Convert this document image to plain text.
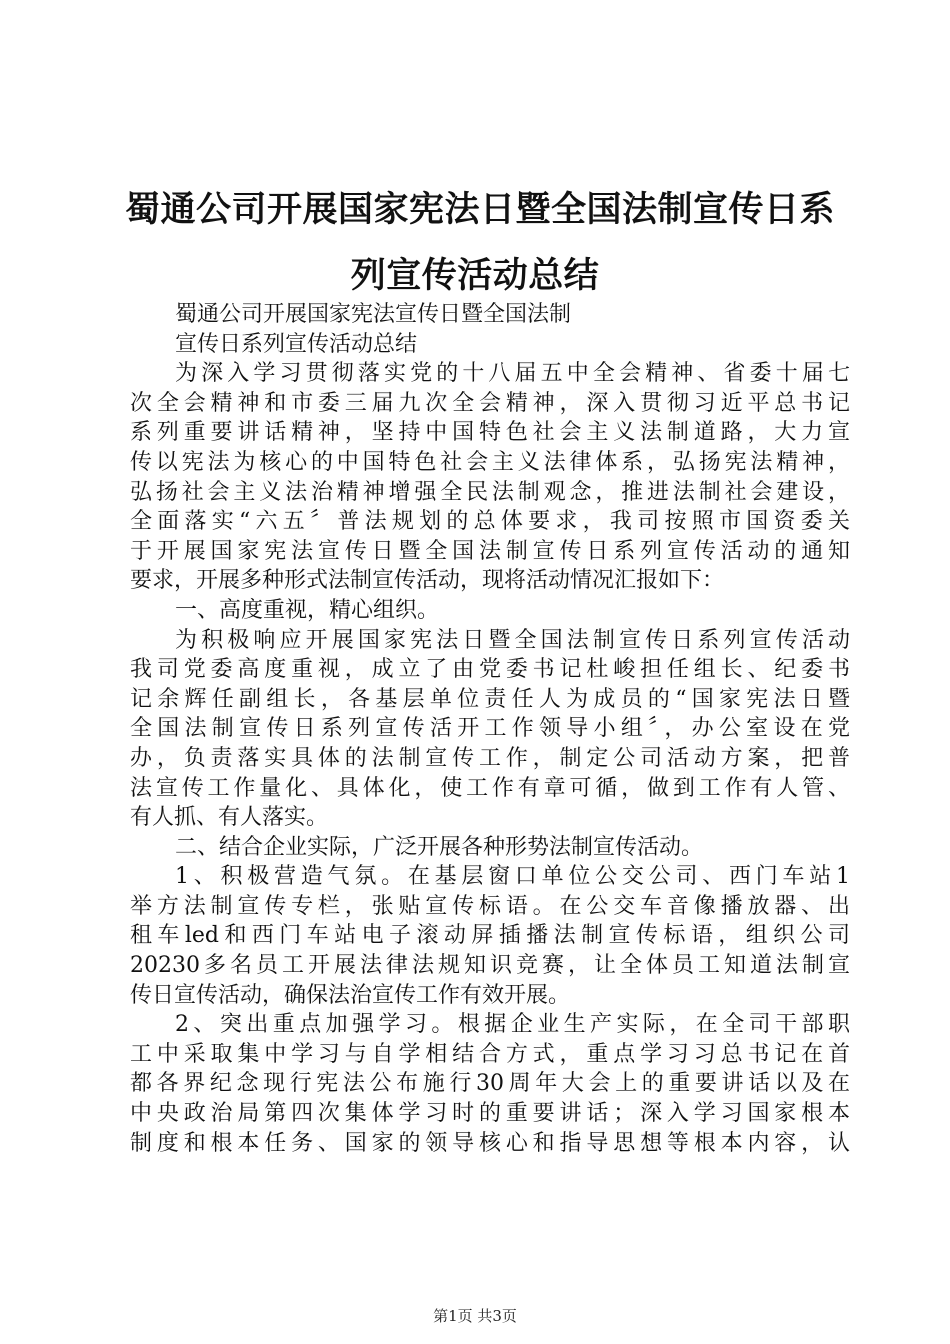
蜀通公司开展国家宪法日暨全国法制宣传日系
列宣传活动总结
蜀通公司开展国家宪法宣传日暨全国法制
宣传日系列宣传活动总结
为深入学习贯彻落实党的十八届五中全会精神、省委十届七
次全会精神和市委三届九次全会精神，深入贯彻习近平总书记
系列重要讲话精神，坚持中国特色社会主义法制道路，大力宣
传以宪法为核心的中国特色社会主义法律体系，弘扬宪法精神，
弘扬社会主义法治精神增强全民法制观念，推进法制社会建设，
全面落实“六五〞普法规划的总体要求，我司按照市国资委关
于开展国家宪法宣传日暨全国法制宣传日系列宣传活动的通知
要求，开展多种形式法制宣传活动，现将活动情况汇报如下：
一、高度重视，精心组织。
为积极响应开展国家宪法日暨全国法制宣传日系列宣传活动
我司党委高度重视，成立了由党委书记杜峻担任组长、纪委书
记余辉任副组长，各基层单位责任人为成员的“国家宪法日暨
全国法制宣传日系列宣传活开工作领导小组〞，办公室设在党
办，负责落实具体的法制宣传工作，制定公司活动方案，把普
法宣传工作量化、具体化，使工作有章可循，做到工作有人管、
有人抓、有人落实。
二、结合企业实际，广泛开展各种形势法制宣传活动。
1、积极营造气氛。在基层窗口单位公交公司、西门车站1
举方法制宣传专栏，张贴宣传标语。在公交车音像播放器、出
租车led和西门车站电子滚动屏插播法制宣传标语，组织公司
20230多名员工开展法律法规知识竞赛，让全体员工知道法制宣
传日宣传活动，确保法治宣传工作有效开展。
2、突出重点加强学习。根据企业生产实际，在全司干部职
工中采取集中学习与自学相结合方式，重点学习习总书记在首
都各界纪念现行宪法公布施行30周年大会上的重要讲话以及在
中央政治局第四次集体学习时的重要讲话；深入学习国家根本
制度和根本任务、国家的领导核心和指导思想等根本内容，认
第1页 共3页
